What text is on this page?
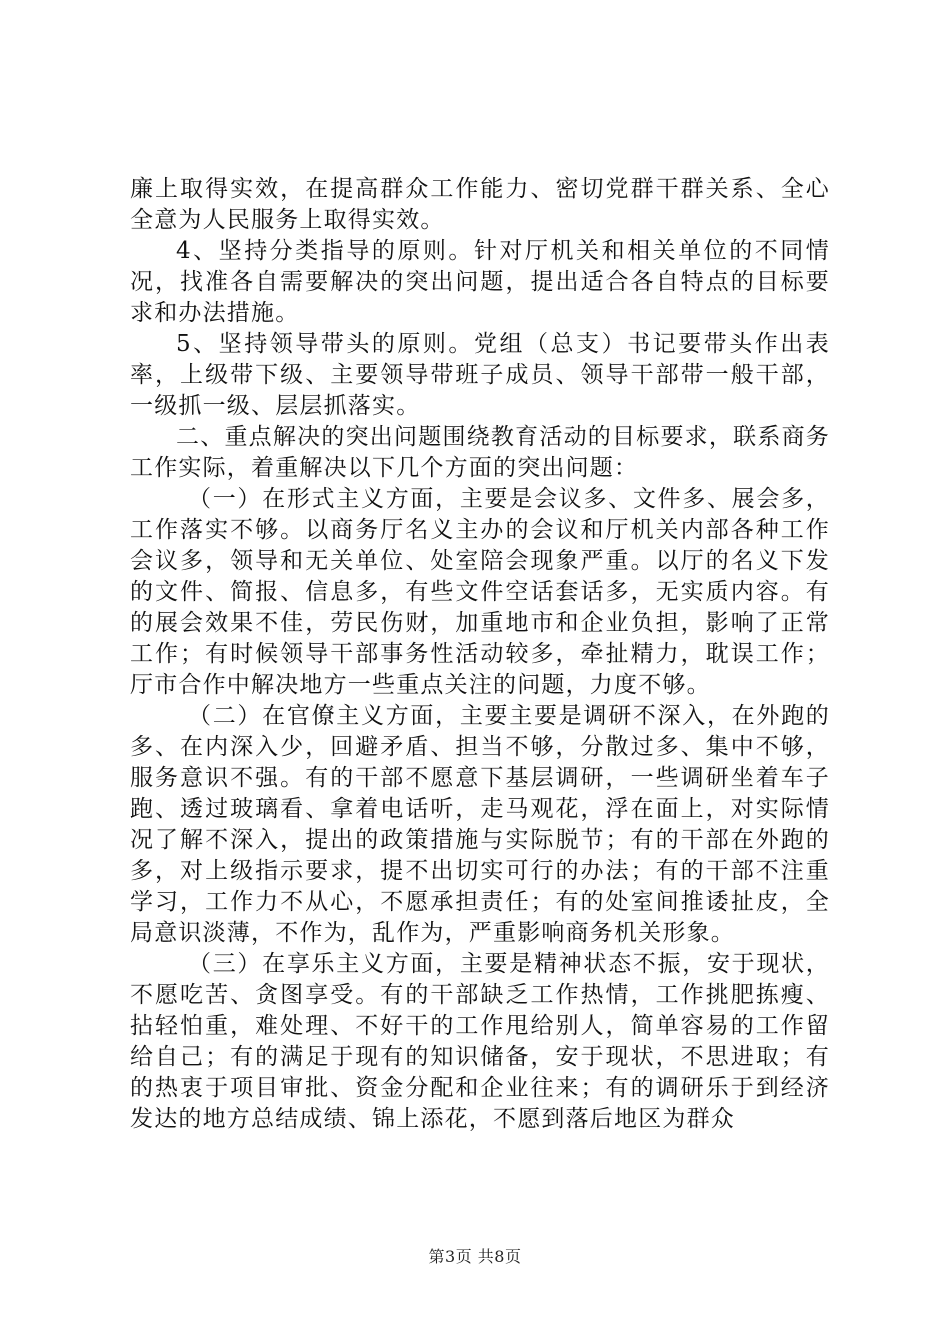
廉上取得实效，在提高群众工作能力、密切党群干群关系、全心全意为人民服务上取得实效。

4、坚持分类指导的原则。针对厅机关和相关单位的不同情况，找准各自需要解决的突出问题，提出适合各自特点的目标要求和办法措施。

5、坚持领导带头的原则。党组（总支）书记要带头作出表率，上级带下级、主要领导带班子成员、领导干部带一般干部，一级抓一级、层层抓落实。

二、重点解决的突出问题围绕教育活动的目标要求，联系商务工作实际，着重解决以下几个方面的突出问题：

（一）在形式主义方面，主要是会议多、文件多、展会多，工作落实不够。以商务厅名义主办的会议和厅机关内部各种工作会议多，领导和无关单位、处室陪会现象严重。以厅的名义下发的文件、简报、信息多，有些文件空话套话多，无实质内容。有的展会效果不佳，劳民伤财，加重地市和企业负担，影响了正常工作；有时候领导干部事务性活动较多，牵扯精力，耽误工作；厅市合作中解决地方一些重点关注的问题，力度不够。

（二）在官僚主义方面，主要主要是调研不深入，在外跑的多、在内深入少，回避矛盾、担当不够，分散过多、集中不够，服务意识不强。有的干部不愿意下基层调研，一些调研坐着车子跑、透过玻璃看、拿着电话听，走马观花，浮在面上，对实际情况了解不深入，提出的政策措施与实际脱节；有的干部在外跑的多，对上级指示要求，提不出切实可行的办法；有的干部不注重学习，工作力不从心，不愿承担责任；有的处室间推诿扯皮，全局意识淡薄，不作为，乱作为，严重影响商务机关形象。

（三）在享乐主义方面，主要是精神状态不振，安于现状，不愿吃苦、贪图享受。有的干部缺乏工作热情，工作挑肥拣瘦、拈轻怕重，难处理、不好干的工作甩给别人，简单容易的工作留给自己；有的满足于现有的知识储备，安于现状，不思进取；有的热衷于项目审批、资金分配和企业往来；有的调研乐于到经济发达的地方总结成绩、锦上添花，不愿到落后地区为群众

第3页 共8页
